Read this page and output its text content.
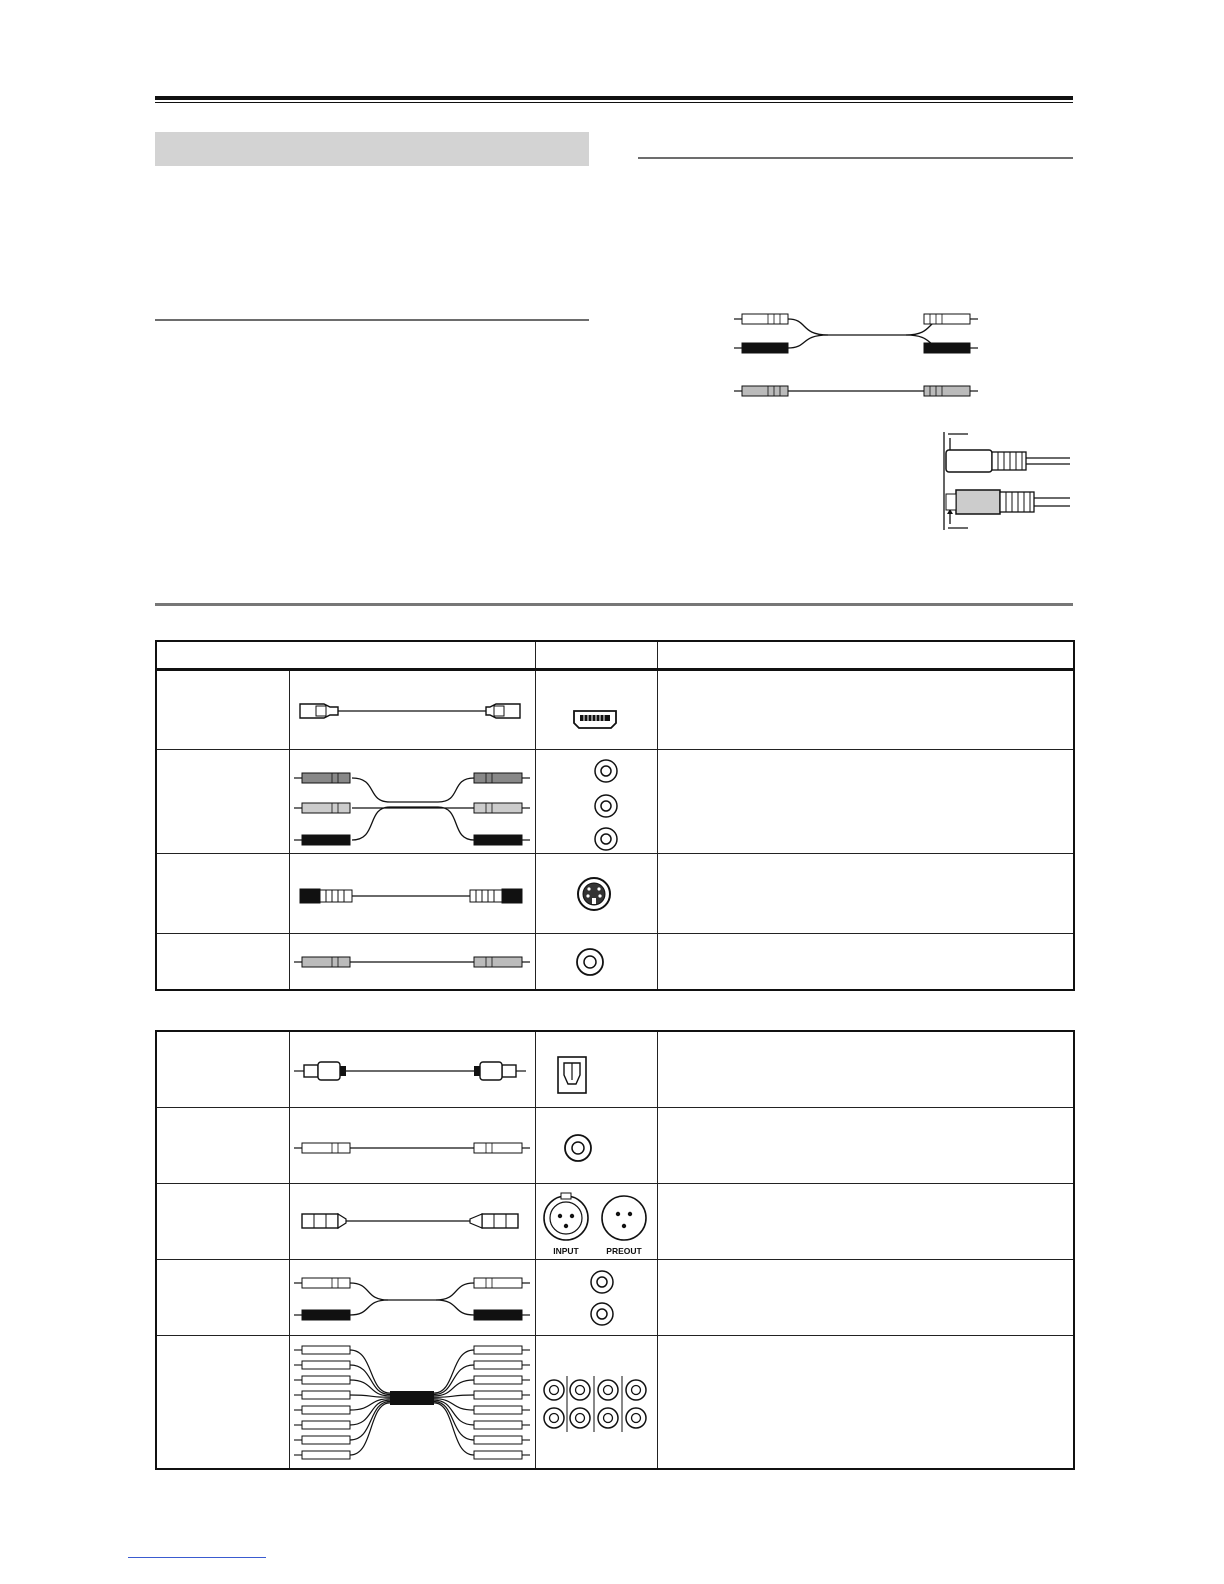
INPUT PREOUT	
